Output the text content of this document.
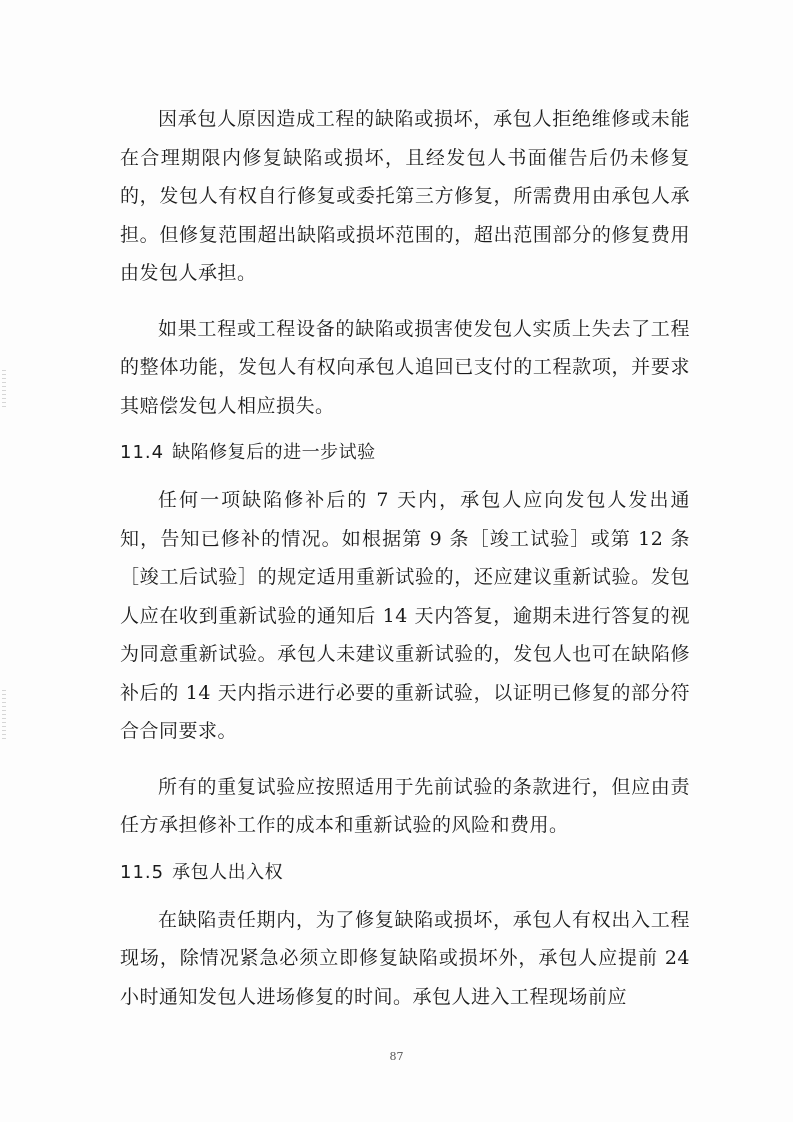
因承包人原因造成工程的缺陷或损坏，承包人拒绝维修或未能在合理期限内修复缺陷或损坏，且经发包人书面催告后仍未修复的，发包人有权自行修复或委托第三方修复，所需费用由承包人承担。但修复范围超出缺陷或损坏范围的，超出范围部分的修复费用由发包人承担。

如果工程或工程设备的缺陷或损害使发包人实质上失去了工程的整体功能，发包人有权向承包人追回已支付的工程款项，并要求其赔偿发包人相应损失。

11.4 缺陷修复后的进一步试验

任何一项缺陷修补后的 7 天内，承包人应向发包人发出通知，告知已修补的情况。如根据第 9 条［竣工试验］或第 12 条［竣工后试验］的规定适用重新试验的，还应建议重新试验。发包人应在收到重新试验的通知后 14 天内答复，逾期未进行答复的视为同意重新试验。承包人未建议重新试验的，发包人也可在缺陷修补后的 14 天内指示进行必要的重新试验，以证明已修复的部分符合合同要求。

所有的重复试验应按照适用于先前试验的条款进行，但应由责任方承担修补工作的成本和重新试验的风险和费用。

11.5 承包人出入权

在缺陷责任期内，为了修复缺陷或损坏，承包人有权出入工程现场，除情况紧急必须立即修复缺陷或损坏外，承包人应提前 24 小时通知发包人进场修复的时间。承包人进入工程现场前应

87
